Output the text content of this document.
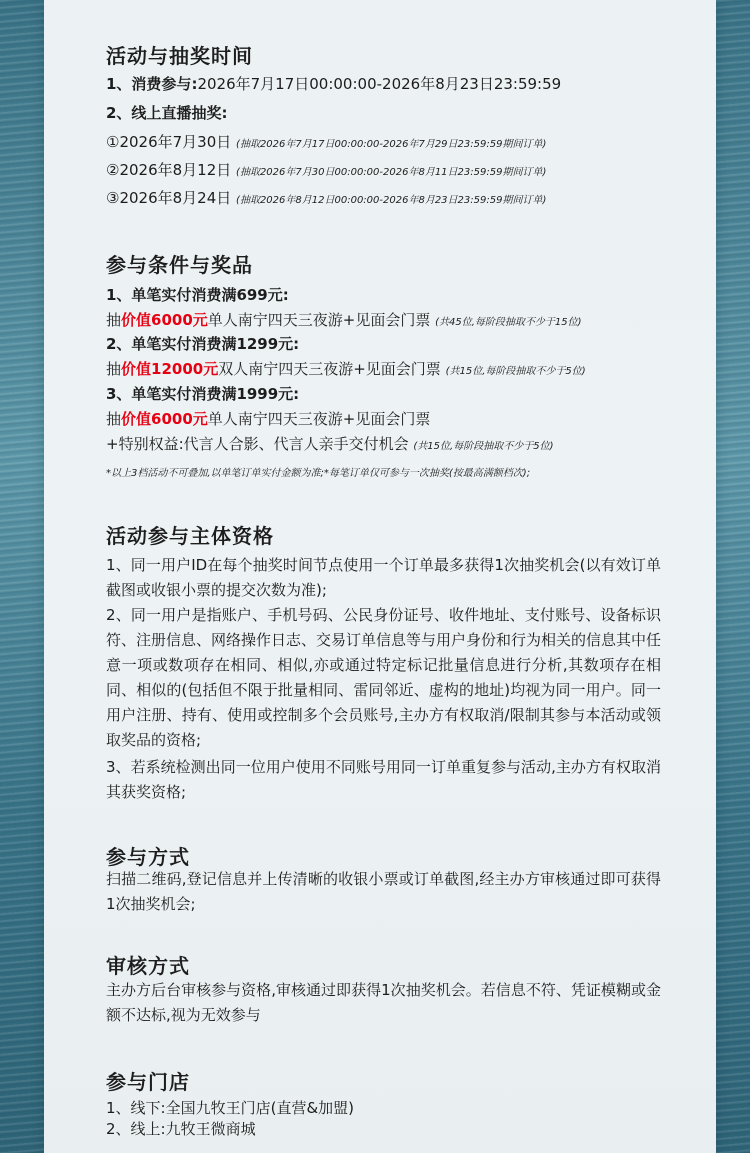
活动与抽奖时间
1、消费参与:2026年7月17日00:00:00-2026年8月23日23:59:59
2、线上直播抽奖:
①2026年7月30日 (抽取2026年7月17日00:00:00-2026年7月29日23:59:59期间订单)
②2026年8月12日 (抽取2026年7月30日00:00:00-2026年8月11日23:59:59期间订单)
③2026年8月24日 (抽取2026年8月12日00:00:00-2026年8月23日23:59:59期间订单)
参与条件与奖品
1、单笔实付消费满699元:
抽价值6000元单人南宁四天三夜游+见面会门票 (共45位,每阶段抽取不少于15位)
2、单笔实付消费满1299元:
抽价值12000元双人南宁四天三夜游+见面会门票 (共15位,每阶段抽取不少于5位)
3、单笔实付消费满1999元:
抽价值6000元单人南宁四天三夜游+见面会门票
+特别权益:代言人合影、代言人亲手交付机会 (共15位,每阶段抽取不少于5位)
*以上3档活动不可叠加,以单笔订单实付金额为准;*每笔订单仅可参与一次抽奖(按最高满额档次);
活动参与主体资格
1、同一用户ID在每个抽奖时间节点使用一个订单最多获得1次抽奖机会(以有效订单截图或收银小票的提交次数为准);
2、同一用户是指账户、手机号码、公民身份证号、收件地址、支付账号、设备标识符、注册信息、网络操作日志、交易订单信息等与用户身份和行为相关的信息其中任意一项或数项存在相同、相似,亦或通过特定标记批量信息进行分析,其数项存在相同、相似的(包括但不限于批量相同、雷同邻近、虚构的地址)均视为同一用户。同一用户注册、持有、使用或控制多个会员账号,主办方有权取消/限制其参与本活动或领取奖品的资格;
3、若系统检测出同一位用户使用不同账号用同一订单重复参与活动,主办方有权取消其获奖资格;
参与方式
扫描二维码,登记信息并上传清晰的收银小票或订单截图,经主办方审核通过即可获得1次抽奖机会;
审核方式
主办方后台审核参与资格,审核通过即获得1次抽奖机会。若信息不符、凭证模糊或金额不达标,视为无效参与
参与门店
1、线下:全国九牧王门店(直营&加盟)
2、线上:九牧王微商城
